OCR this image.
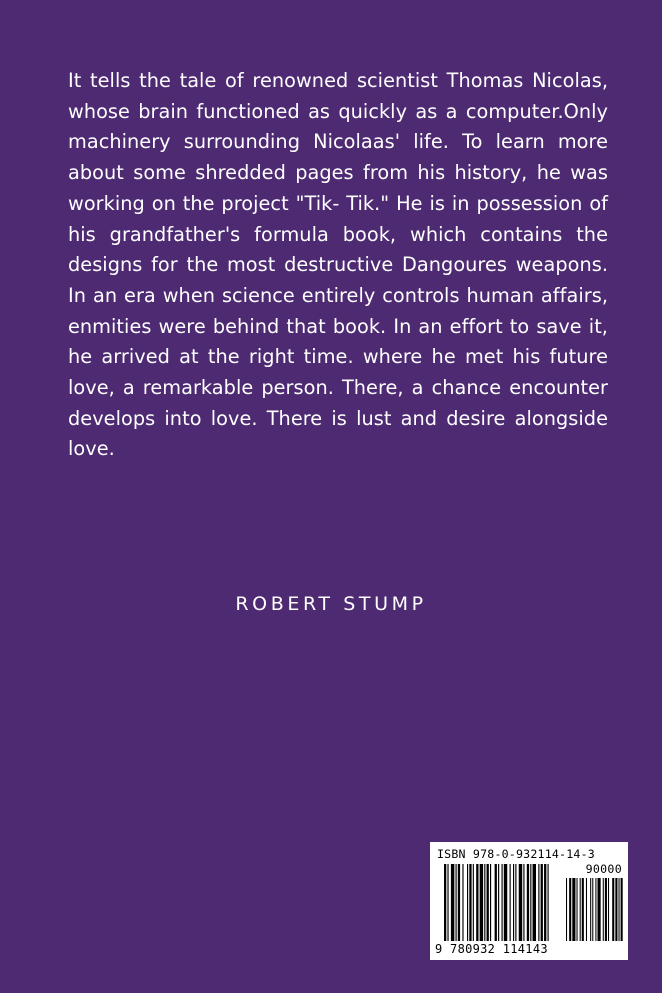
It tells the tale of renowned scientist Thomas Nicolas, whose brain functioned as quickly as a computer.Only machinery surrounding Nicolaas' life. To learn more about some shredded pages from his history, he was working on the project "Tik- Tik." He is in possession of his grandfather's formula book, which contains the designs for the most destructive Dangoures weapons. In an era when science entirely controls human affairs, enmities were behind that book. In an effort to save it, he arrived at the right time. where he met his future love, a remarkable person. There, a chance encounter develops into love. There is lust and desire alongside love.

ROBERT STUMP

ISBN 978-0-932114-14-3
90000
9 780932 114143
